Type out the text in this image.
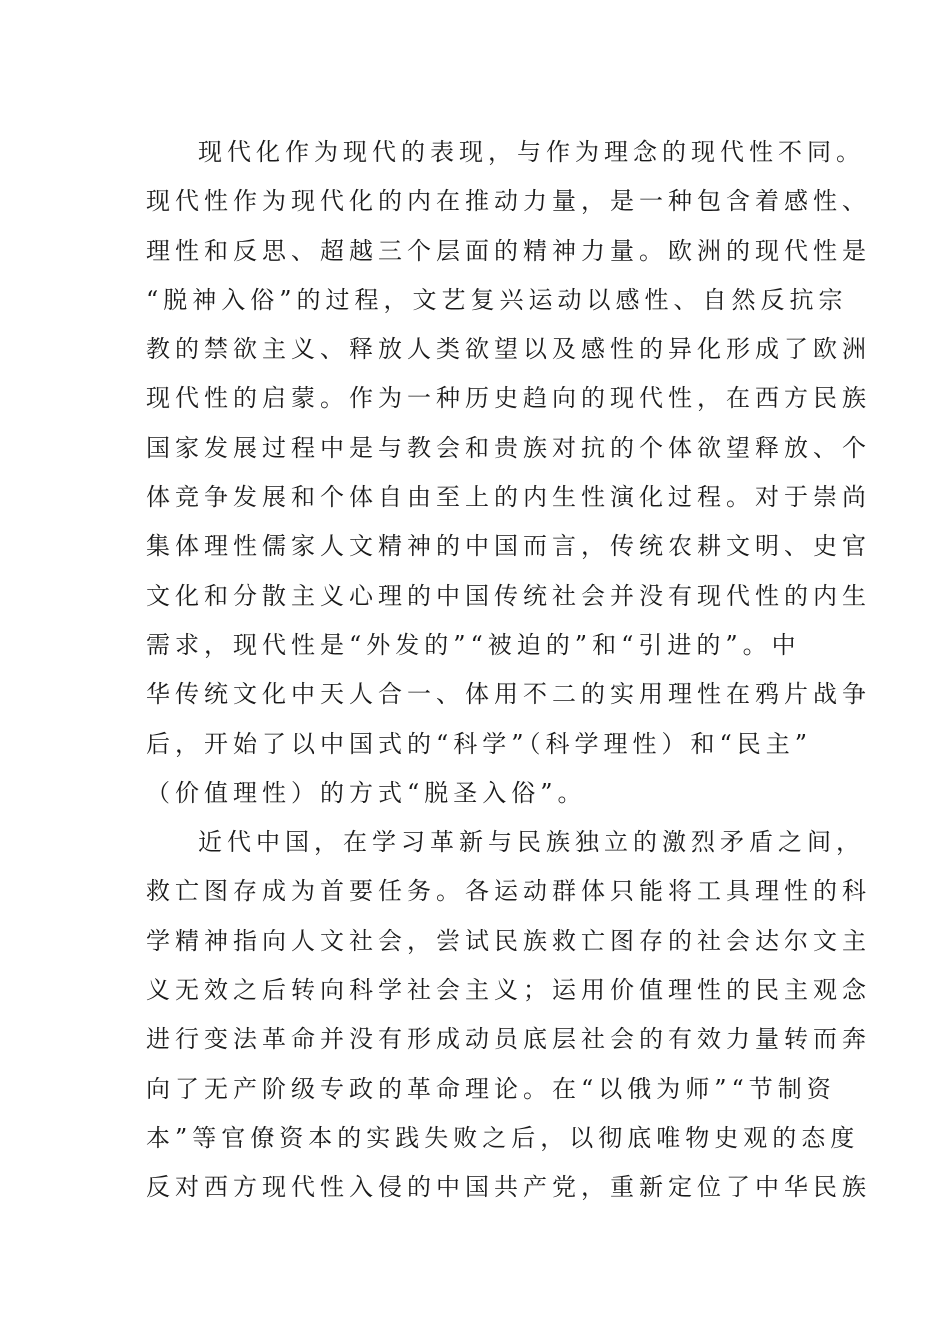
现代化作为现代的表现，与作为理念的现代性不同。
现代性作为现代化的内在推动力量，是一种包含着感性、
理性和反思、超越三个层面的精神力量。欧洲的现代性是
“脱神入俗”的过程，文艺复兴运动以感性、自然反抗宗
教的禁欲主义、释放人类欲望以及感性的异化形成了欧洲
现代性的启蒙。作为一种历史趋向的现代性，在西方民族
国家发展过程中是与教会和贵族对抗的个体欲望释放、个
体竞争发展和个体自由至上的内生性演化过程。对于崇尚
集体理性儒家人文精神的中国而言，传统农耕文明、史官
文化和分散主义心理的中国传统社会并没有现代性的内生
需求，现代性是“外发的”“被迫的”和“引进的”。中
华传统文化中天人合一、体用不二的实用理性在鸦片战争
后，开始了以中国式的“科学”（科学理性）和“民主”
（价值理性）的方式“脱圣入俗”。
近代中国，在学习革新与民族独立的激烈矛盾之间，
救亡图存成为首要任务。各运动群体只能将工具理性的科
学精神指向人文社会，尝试民族救亡图存的社会达尔文主
义无效之后转向科学社会主义；运用价值理性的民主观念
进行变法革命并没有形成动员底层社会的有效力量转而奔
向了无产阶级专政的革命理论。在“以俄为师”“节制资
本”等官僚资本的实践失败之后，以彻底唯物史观的态度
反对西方现代性入侵的中国共产党，重新定位了中华民族
